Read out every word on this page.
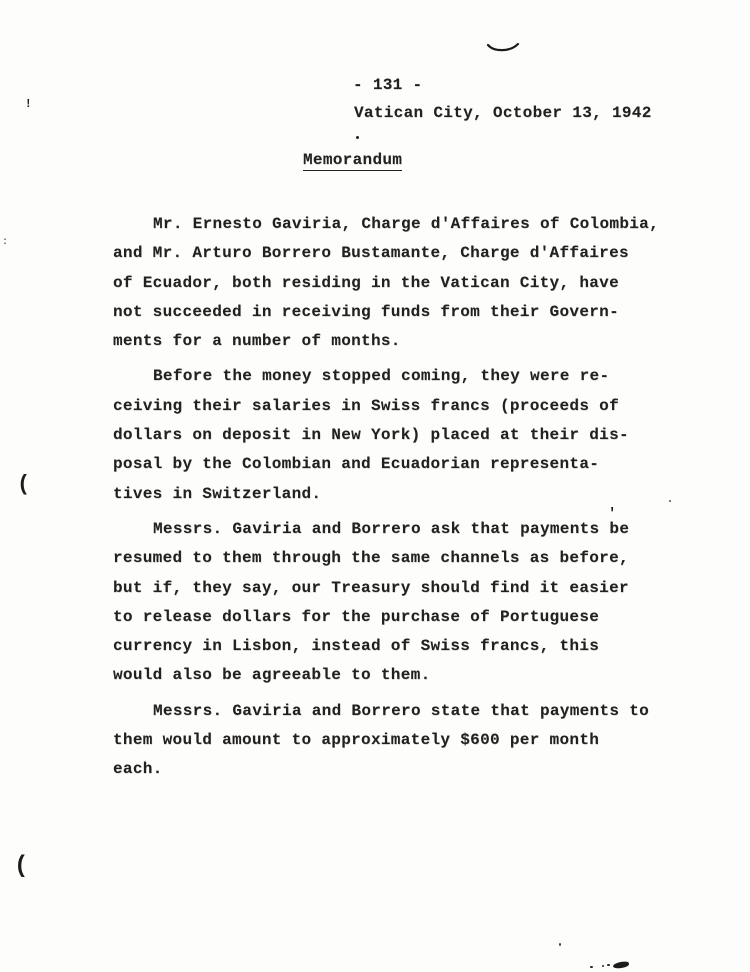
!
:
(
(
'
- 131 -
Vatican City, October 13, 1942
Memorandum
Mr. Ernesto Gaviria, Charge d'Affaires of Colombia,
and Mr. Arturo Borrero Bustamante, Charge d'Affaires
of Ecuador, both residing in the Vatican City, have
not succeeded in receiving funds from their Govern-
ments for a number of months.
Before the money stopped coming, they were re-
ceiving their salaries in Swiss francs (proceeds of
dollars on deposit in New York) placed at their dis-
posal by the Colombian and Ecuadorian representa-
tives in Switzerland.
Messrs. Gaviria and Borrero ask that payments be
resumed to them through the same channels as before,
but if, they say, our Treasury should find it easier
to release dollars for the purchase of Portuguese
currency in Lisbon, instead of Swiss francs, this
would also be agreeable to them.
Messrs. Gaviria and Borrero state that payments to
them would amount to approximately $600 per month
each.
